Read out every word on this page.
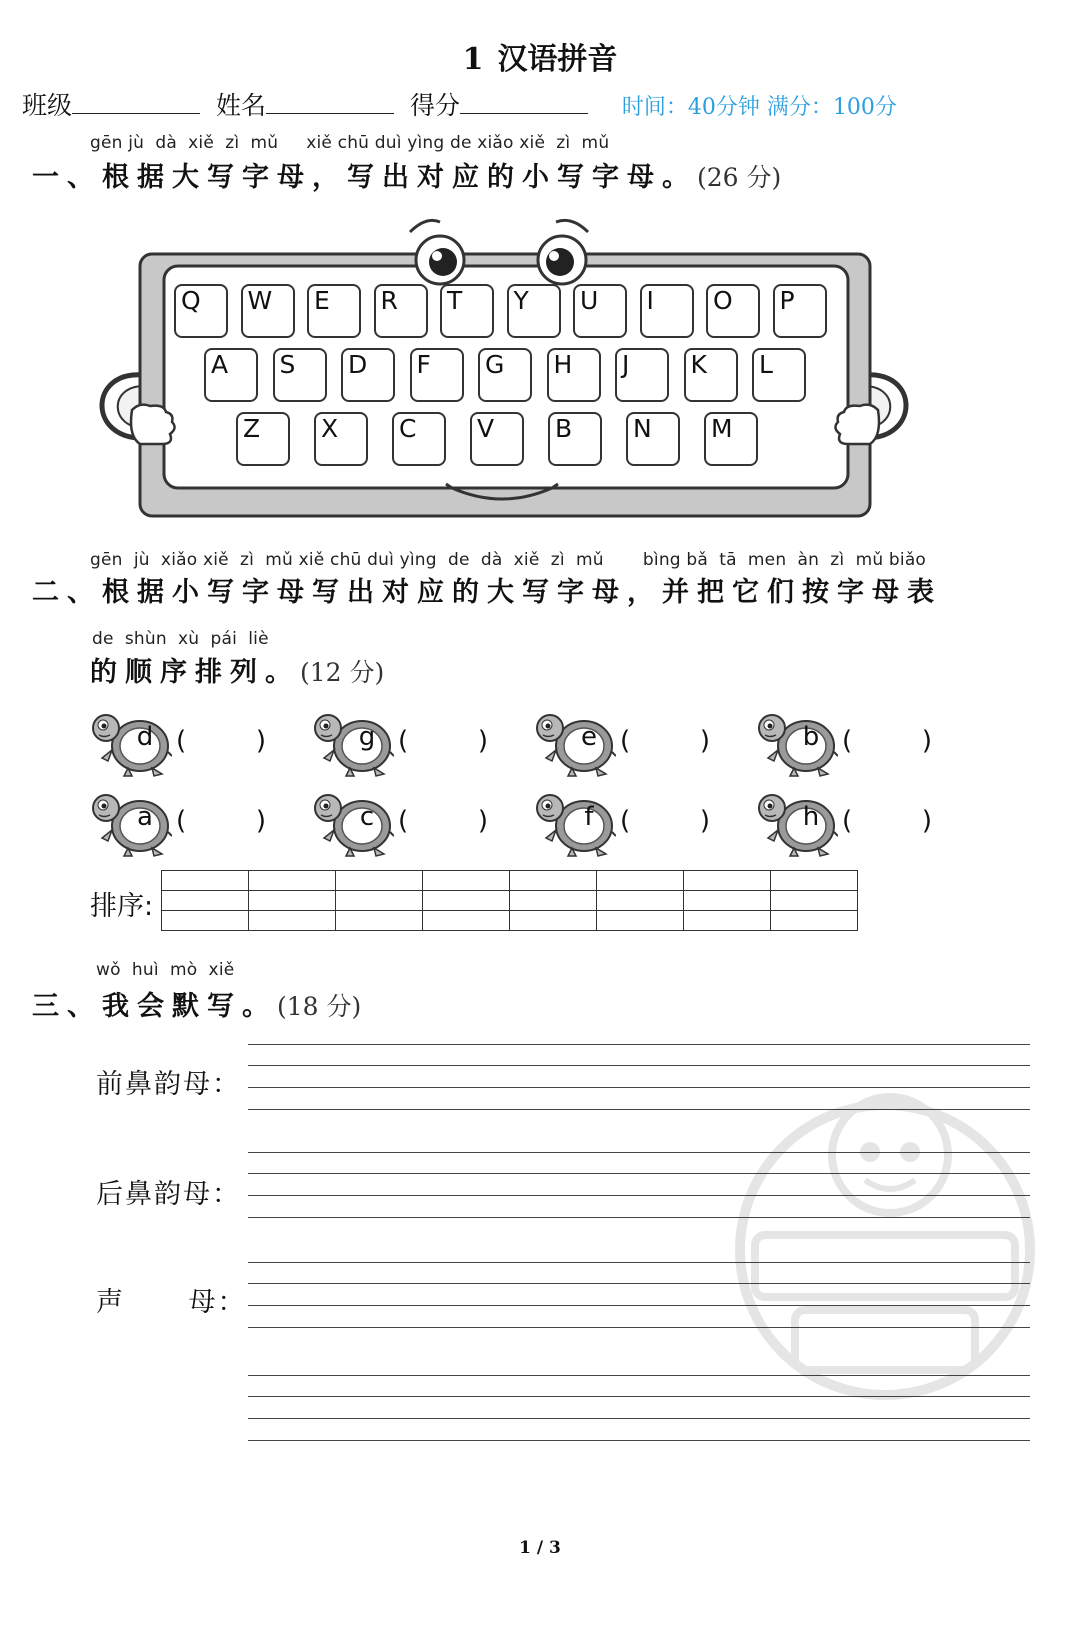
1 汉语拼音
班级	姓名	得分	时间：40分钟 满分：100分
gēn jù  dà  xiě  zì  mǔ     xiě chū duì yìng de xiǎo xiě  zì  mǔ
一、根据大写字母，写出对应的小写字母。(26 分)
Q	W	E	R	T	Y	U	I	O	P
A	S	D	F	G	H	J	K	L
Z	X	C	V	B	N	M
gēn  jù  xiǎo xiě  zì  mǔ xiě chū duì yìng  de  dà  xiě  zì  mǔ       bìng bǎ  tā  men  àn  zì  mǔ biǎo
二、根据小写字母写出对应的大写字母，并把它们按字母表
de  shùn  xù  pái  liè
的顺序排列。(12 分)
d (	)	g (	)	e (	)	b (	)
a (	)	c (	)	f	(	)	h (	)
排序:

wǒ  huì  mò  xiě
三、我会默写。(18 分)
前鼻韵母：
后鼻韵母：
声      母：
1 / 3
